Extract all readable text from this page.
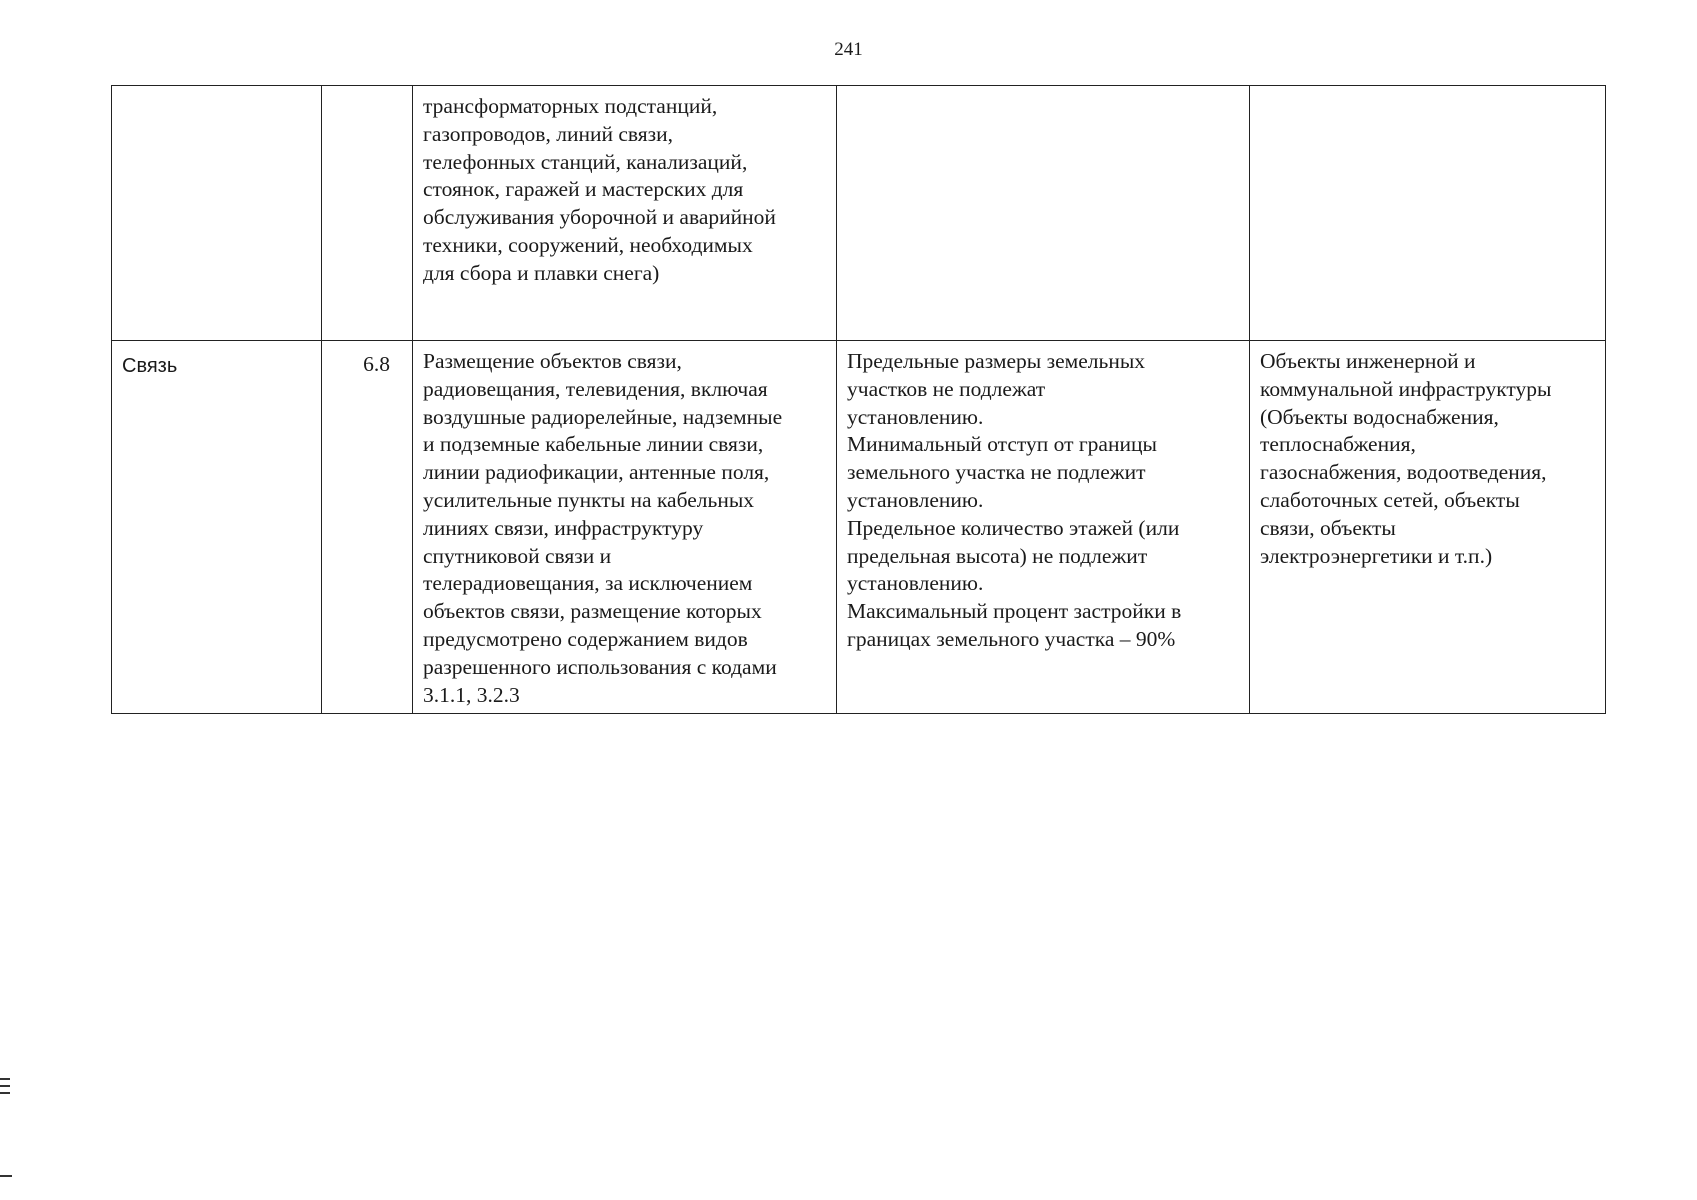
241
трансформаторных подстанций,
газопроводов, линий связи,
телефонных станций, канализаций,
стоянок, гаражей и мастерских для
обслуживания уборочной и аварийной
техники, сооружений, необходимых
для сбора и плавки снега)
Связь	6.8	Размещение объектов связи,
радиовещания, телевидения, включая
воздушные радиорелейные, надземные
и подземные кабельные линии связи,
линии радиофикации, антенные поля,
усилительные пункты на кабельных
линиях связи, инфраструктуру
спутниковой связи и
телерадиовещания, за исключением
объектов связи, размещение которых
предусмотрено содержанием видов
разрешенного использования с кодами
3.1.1, 3.2.3
Предельные размеры земельных
участков не подлежат
установлению.
Минимальный отступ от границы
земельного участка не подлежит
установлению.
Предельное количество этажей (или
предельная высота) не подлежит
установлению.
Максимальный процент застройки в
границах земельного участка – 90%
Объекты инженерной и
коммунальной инфраструктуры
(Объекты водоснабжения,
теплоснабжения,
газоснабжения, водоотведения,
слаботочных сетей, объекты
связи, объекты
электроэнергетики и т.п.)
